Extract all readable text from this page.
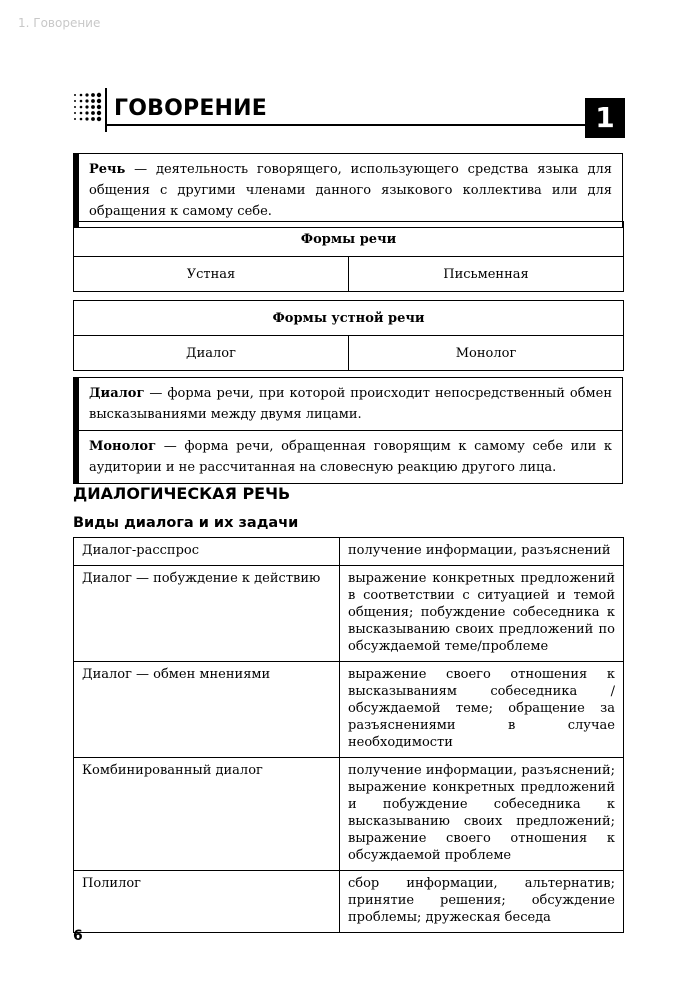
1. Говорение
ГОВОРЕНИЕ	1

Речь — деятельность говорящего, использующего средства языка для общения с другими членами данного языкового коллектива или для обращения к самому себе.

Формы речи
Устная	Письменная
Формы устной речи
Диалог	Монолог

Диалог — форма речи, при которой происходит непосредственный обмен высказываниями между двумя лицами.

Монолог — форма речи, обращенная говорящим к самому себе или к аудитории и не рассчитанная на словесную реакцию другого лица.

ДИАЛОГИЧЕСКАЯ РЕЧЬ
Виды диалога и их задачи
Диалог-расспрос	получение информации, разъяснений
Диалог — побуждение к действию	выражение конкретных предложений в соответствии с ситуацией и темой общения; побуждение собеседника к высказыванию своих предложений по обсуждаемой теме/проблеме
Диалог — обмен мнениями	выражение своего отношения к высказываниям собеседника / обсуждаемой теме; обращение за разъяснениями в случае необходимости
Комбинированный диалог	получение информации, разъяснений; выражение конкретных предложений и побуждение собеседника к высказыванию своих предложений; выражение своего отношения к обсуждаемой проблеме
Полилог	сбор информации, альтернатив; принятие решения; обсуждение проблемы; дружеская беседа
6
